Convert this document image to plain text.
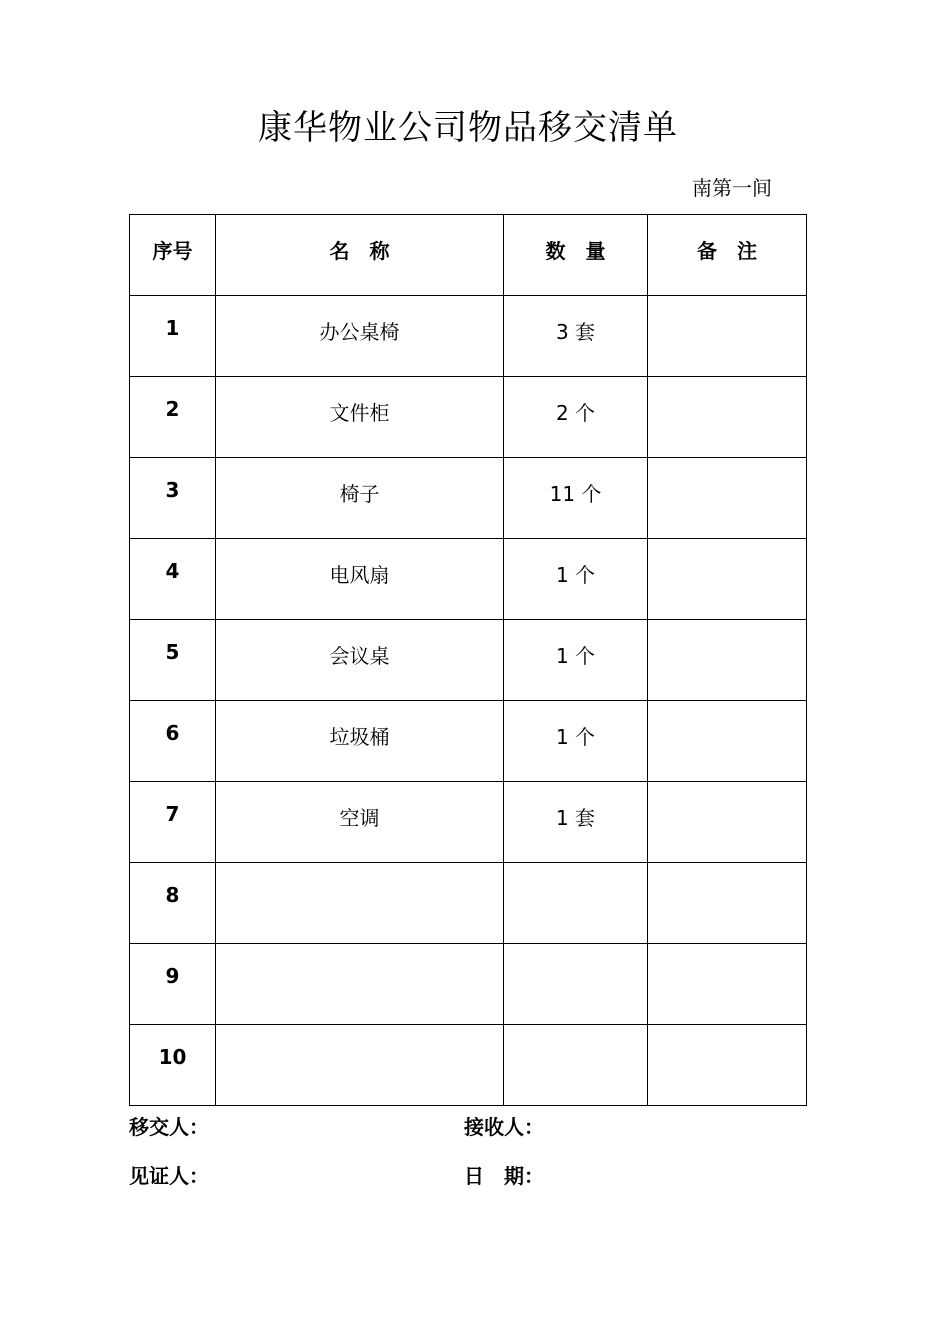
康华物业公司物品移交清单
南第一间
序号	名　称	数　量	备　注
1	办公桌椅	3 套	
2	文件柜	2 个	
3	椅子	11 个	
4	电风扇	1 个	
5	会议桌	1 个	
6	垃圾桶	1 个	
7	空调	1 套	
8			
9			
10			
移交人：	接收人：
见证人：	日　期：
